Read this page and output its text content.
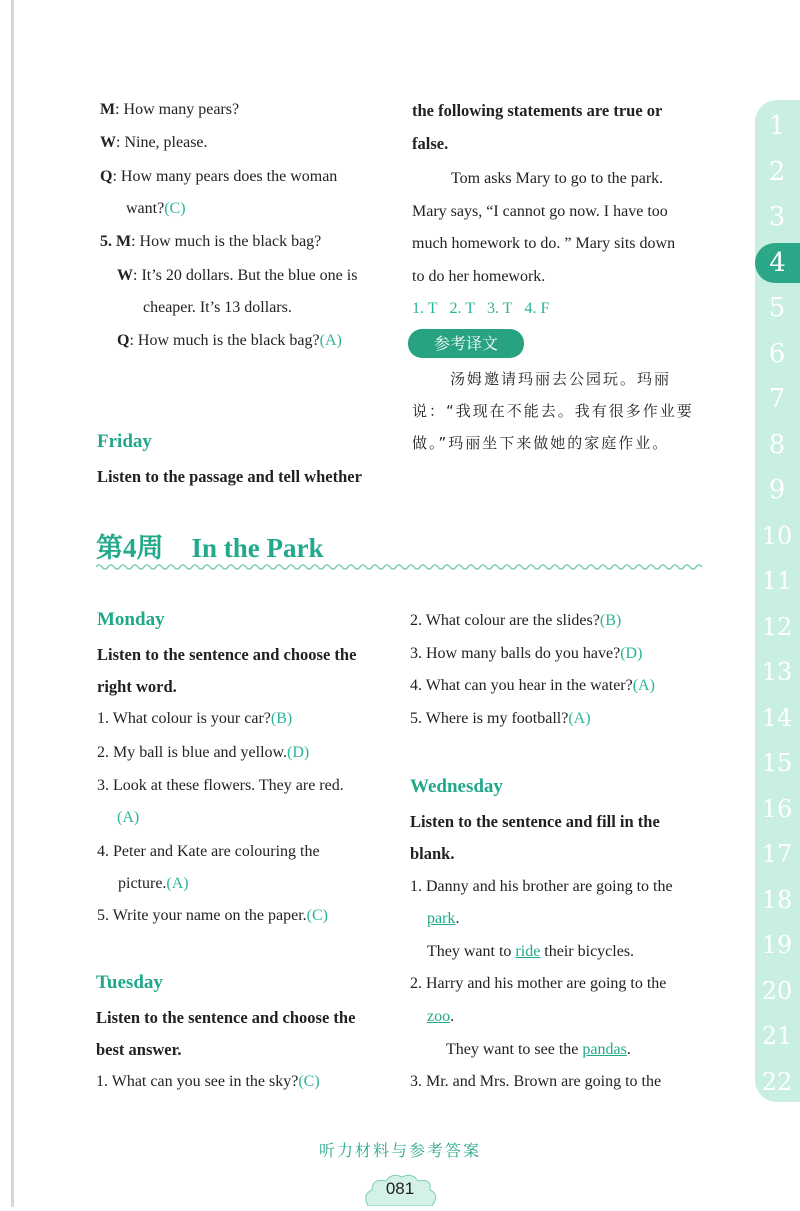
M: How many pears?
W: Nine, please.
Q: How many pears does the woman
want?(C)
5. M: How much is the black bag?
W: It’s 20 dollars. But the blue one is
cheaper. It’s 13 dollars.
Q: How much is the black bag?(A)
Friday
Listen to the passage and tell whether
the following statements are true or
false.
Tom asks Mary to go to the park.
Mary says, “I cannot go now. I have too
much homework to do. ” Mary sits down
to do her homework.
1. T 2. T 3. T 4. F
参考译文
汤姆邀请玛丽去公园玩。玛丽
说：“我现在不能去。我有很多作业要
做。”玛丽坐下来做她的家庭作业。
第4周 In the Park
Monday
Listen to the sentence and choose the
right word.
1. What colour is your car?(B)
2. My ball is blue and yellow.(D)
3. Look at these flowers. They are red.
(A)
4. Peter and Kate are colouring the
picture.(A)
5. Write your name on the paper.(C)
Tuesday
Listen to the sentence and choose the
best answer.
1. What can you see in the sky?(C)
2. What colour are the slides?(B)
3. How many balls do you have?(D)
4. What can you hear in the water?(A)
5. Where is my football?(A)
Wednesday
Listen to the sentence and fill in the
blank.
1. Danny and his brother are going to the
park.
They want to ride their bicycles.
2. Harry and his mother are going to the
zoo.
They want to see the pandas.
3. Mr. and Mrs. Brown are going to the
1
2
3
4
5
6
7
8
9
10
11
12
13
14
15
16
17
18
19
20
21
22
听力材料与参考答案
081
